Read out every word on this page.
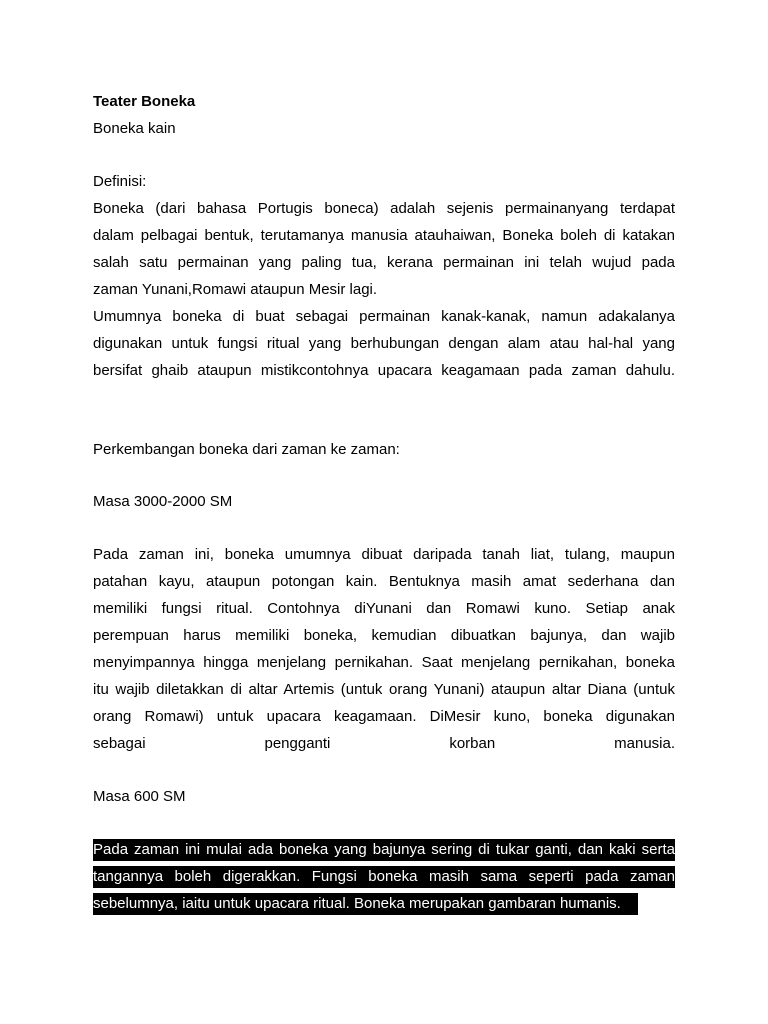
Teater Boneka
Boneka kain
Definisi:
Boneka (dari bahasa Portugis boneca) adalah sejenis permainanyang terdapat
dalam pelbagai bentuk, terutamanya manusia atauhaiwan, Boneka boleh di katakan
salah satu permainan yang paling tua, kerana permainan ini telah wujud pada
zaman Yunani,Romawi ataupun Mesir lagi.
Umumnya boneka di buat sebagai permainan kanak-kanak, namun adakalanya
digunakan untuk fungsi ritual yang berhubungan dengan alam atau hal-hal yang
bersifat ghaib ataupun mistikcontohnya upacara keagamaan pada zaman dahulu.
Perkembangan boneka dari zaman ke zaman:
Masa 3000-2000 SM
Pada zaman ini, boneka umumnya dibuat daripada tanah liat, tulang, maupun
patahan kayu, ataupun potongan kain. Bentuknya masih amat sederhana dan
memiliki fungsi ritual. Contohnya diYunani dan Romawi kuno. Setiap anak
perempuan harus memiliki boneka, kemudian dibuatkan bajunya, dan wajib
menyimpannya hingga menjelang pernikahan. Saat menjelang pernikahan, boneka
itu wajib diletakkan di altar Artemis (untuk orang Yunani) ataupun altar Diana (untuk
orang Romawi) untuk upacara keagamaan. DiMesir kuno, boneka digunakan
sebagai pengganti korban manusia.
Masa 600 SM
Pada zaman ini mulai ada boneka yang bajunya sering di tukar ganti, dan kaki serta
tangannya boleh digerakkan. Fungsi boneka masih sama seperti pada zaman
sebelumnya, iaitu untuk upacara ritual. Boneka merupakan gambaran humanis.
